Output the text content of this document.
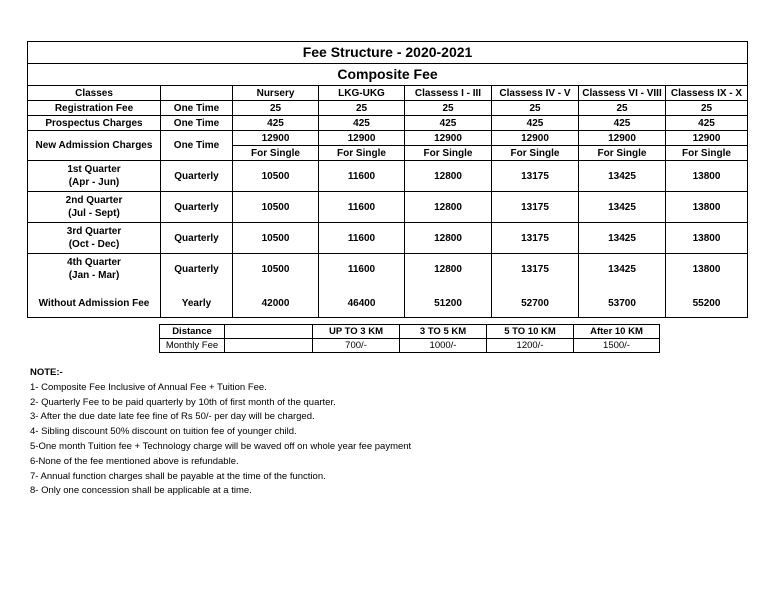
Fee Structure - 2020-2021							
Composite Fee							
Classes		Nursery	LKG-UKG	Classess I - III	Classess IV - V	Classess VI - VIII	Classess IX - X
Registration Fee	One Time	25	25	25	25	25	25
Prospectus Charges	One Time	425	425	425	425	425	425
New Admission Charges	One Time	12900	12900	12900	12900	12900	12900
		For Single	For Single	For Single	For Single	For Single	For Single

1st Quarter
(Apr - Jun)	Quarterly	10500	11600	12800	13175	13425	13800

2nd Quarter
(Jul - Sept)	Quarterly	10500	11600	12800	13175	13425	13800

3rd Quarter
(Oct - Dec)	Quarterly	10500	11600	12800	13175	13425	13800

4th Quarter
(Jan - Mar)	Quarterly	10500	11600	12800	13175	13425	13800

Without Admission Fee	Yearly	42000	46400	51200	52700	53700	55200
Distance		UP TO 3 KM	3 TO 5 KM	5 TO 10 KM	After 10 KM
Monthly Fee		700/-	1000/-	1200/-	1500/-
NOTE:-
1- Composite Fee Inclusive of Annual Fee + Tuition Fee.
2- Quarterly Fee to be paid quarterly by 10th of first month of the quarter.
3- After the due date late fee fine of Rs 50/- per day will be charged.
4- Sibling discount 50% discount on tuition fee of younger child.
5-One month Tuition fee + Technology charge will be waved off on whole year fee payment
6-None of the fee mentioned above is refundable.
7- Annual function charges shall be payable at the time of the function.
8- Only one concession shall be applicable at a time.
